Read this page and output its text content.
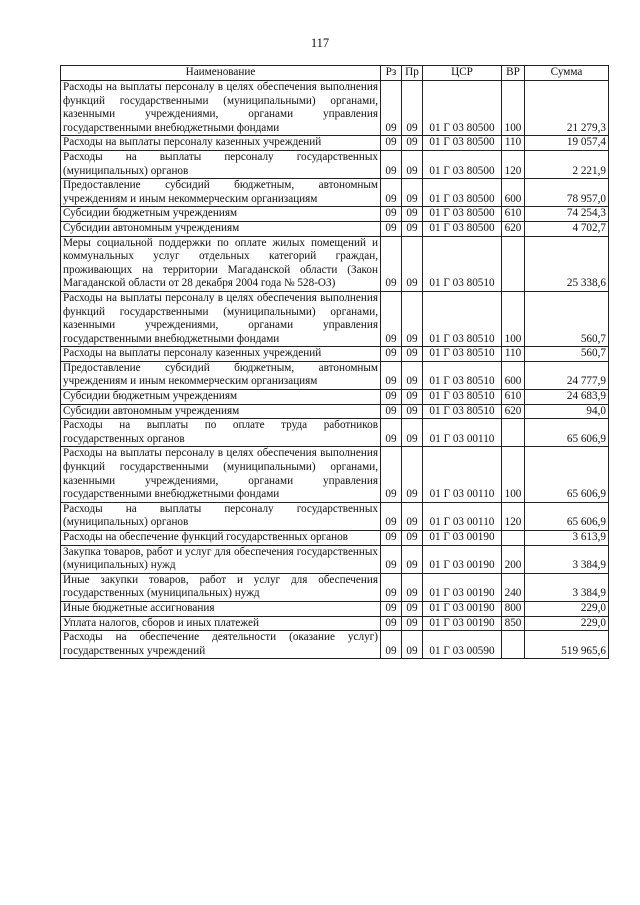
117
Наименование	Рз	Пр	ЦСР	ВР	Сумма
Расходы на выплаты персоналу в целях обеспечения выполнения функций государственными (муниципальными) органами, казенными учреждениями, органами управления государственными внебюджетными фондами	09	09	01 Г 03 80500	100	21 279,3
Расходы на выплаты персоналу казенных учреждений	09	09	01 Г 03 80500	110	19 057,4
Расходы на выплаты персоналу государственных (муниципальных) органов	09	09	01 Г 03 80500	120	2 221,9
Предоставление субсидий бюджетным, автономным учреждениям и иным некоммерческим организациям	09	09	01 Г 03 80500	600	78 957,0
Субсидии бюджетным учреждениям	09	09	01 Г 03 80500	610	74 254,3
Субсидии автономным учреждениям	09	09	01 Г 03 80500	620	4 702,7
Меры социальной поддержки по оплате жилых помещений и коммунальных услуг отдельных категорий граждан, проживающих на территории Магаданской области (Закон Магаданской области от 28 декабря 2004 года № 528-ОЗ)	09	09	01 Г 03 80510		25 338,6
Расходы на выплаты персоналу в целях обеспечения выполнения функций государственными (муниципальными) органами, казенными учреждениями, органами управления государственными внебюджетными фондами	09	09	01 Г 03 80510	100	560,7
Расходы на выплаты персоналу казенных учреждений	09	09	01 Г 03 80510	110	560,7
Предоставление субсидий бюджетным, автономным учреждениям и иным некоммерческим организациям	09	09	01 Г 03 80510	600	24 777,9
Субсидии бюджетным учреждениям	09	09	01 Г 03 80510	610	24 683,9
Субсидии автономным учреждениям	09	09	01 Г 03 80510	620	94,0
Расходы на выплаты по оплате труда работников государственных органов	09	09	01 Г 03 00110		65 606,9
Расходы на выплаты персоналу в целях обеспечения выполнения функций государственными (муниципальными) органами, казенными учреждениями, органами управления государственными внебюджетными фондами	09	09	01 Г 03 00110	100	65 606,9
Расходы на выплаты персоналу государственных (муниципальных) органов	09	09	01 Г 03 00110	120	65 606,9
Расходы на обеспечение функций государственных органов	09	09	01 Г 03 00190		3 613,9
Закупка товаров, работ и услуг для обеспечения государственных (муниципальных) нужд	09	09	01 Г 03 00190	200	3 384,9
Иные закупки товаров, работ и услуг для обеспечения государственных (муниципальных) нужд	09	09	01 Г 03 00190	240	3 384,9
Иные бюджетные ассигнования	09	09	01 Г 03 00190	800	229,0
Уплата налогов, сборов и иных платежей	09	09	01 Г 03 00190	850	229,0
Расходы на обеспечение деятельности (оказание услуг) государственных учреждений	09	09	01 Г 03 00590		519 965,6
